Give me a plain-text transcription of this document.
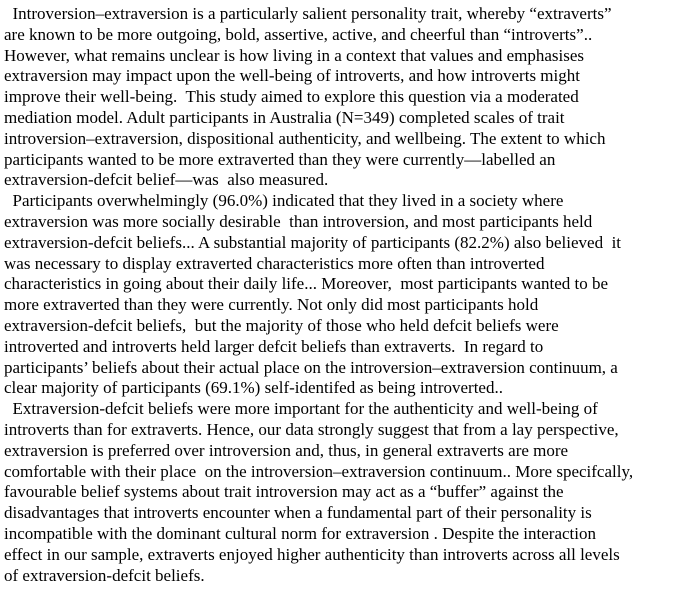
Introversion–extraversion is a particularly salient personality trait, whereby “extraverts”
are known to be more outgoing, bold, assertive, active, and cheerful than “introverts”..
However, what remains unclear is how living in a context that values and emphasises
extraversion may impact upon the well-being of introverts, and how introverts might
improve their well-being.  This study aimed to explore this question via a moderated
mediation model. Adult participants in Australia (N=349) completed scales of trait
introversion–extraversion, dispositional authenticity, and wellbeing. The extent to which
participants wanted to be more extraverted than they were currently—labelled an
extraversion-defcit belief—was  also measured.
Participants overwhelmingly (96.0%) indicated that they lived in a society where
extraversion was more socially desirable  than introversion, and most participants held
extraversion-defcit beliefs... A substantial majority of participants (82.2%) also believed  it
was necessary to display extraverted characteristics more often than introverted
characteristics in going about their daily life... Moreover,  most participants wanted to be
more extraverted than they were currently. Not only did most participants hold
extraversion-defcit beliefs,  but the majority of those who held defcit beliefs were
introverted and introverts held larger defcit beliefs than extraverts.  In regard to
participants’ beliefs about their actual place on the introversion–extraversion continuum, a
clear majority of participants (69.1%) self-identifed as being introverted..
Extraversion-defcit beliefs were more important for the authenticity and well-being of
introverts than for extraverts. Hence, our data strongly suggest that from a lay perspective,
extraversion is preferred over introversion and, thus, in general extraverts are more
comfortable with their place  on the introversion–extraversion continuum.. More specifcally,
favourable belief systems about trait introversion may act as a “buffer” against the
disadvantages that introverts encounter when a fundamental part of their personality is
incompatible with the dominant cultural norm for extraversion . Despite the interaction
effect in our sample, extraverts enjoyed higher authenticity than introverts across all levels
of extraversion-defcit beliefs.
